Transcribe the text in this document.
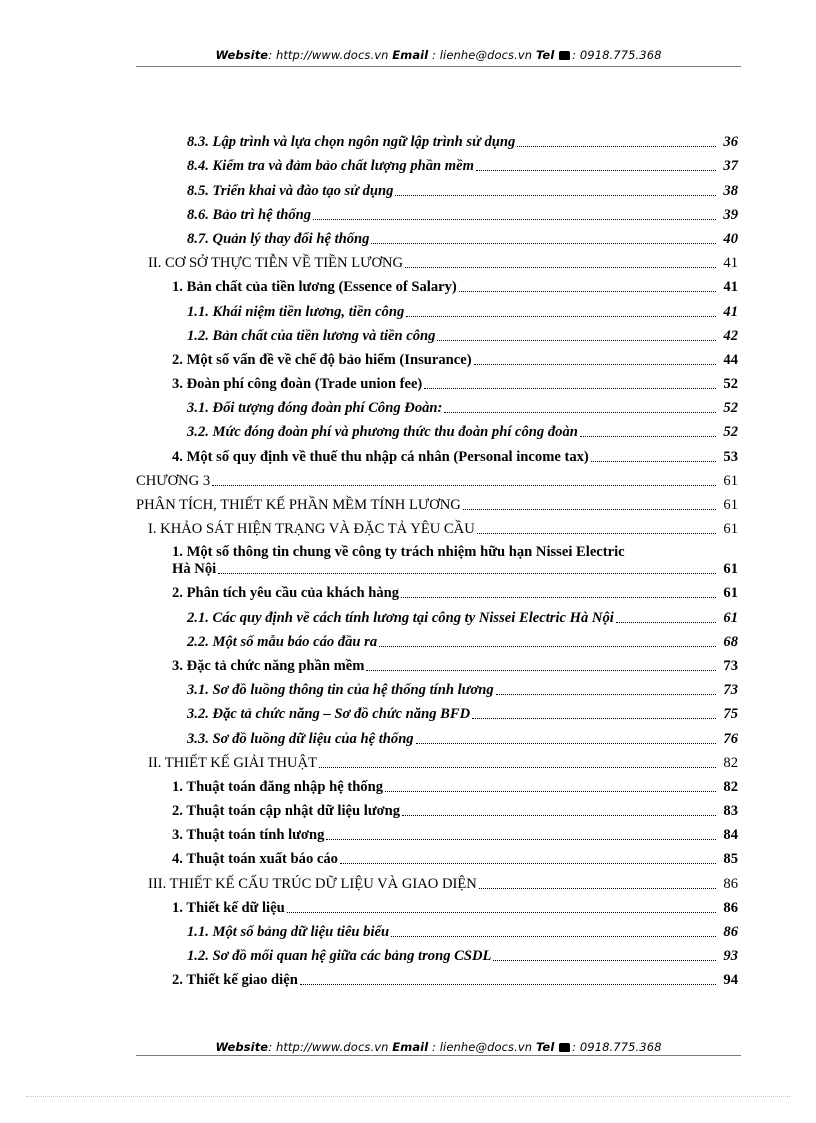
Website: http://www.docs.vn Email : lienhe@docs.vn Tel : 0918.775.368
8.3. Lập trình và lựa chọn ngôn ngữ lập trình sử dụng	36
8.4. Kiểm tra và đảm bảo chất lượng phần mềm	37
8.5. Triển khai và đào tạo sử dụng	38
8.6. Bảo trì hệ thống	39
8.7. Quản lý thay đổi hệ thống	40
II. CƠ SỞ THỰC TIỄN VỀ TIỀN LƯƠNG	41
1. Bản chất của tiền lương (Essence of Salary)	41
1.1. Khái niệm tiền lương, tiền công	41
1.2. Bản chất của tiền lương và tiền công	42
2. Một số vấn đề về chế độ bảo hiểm (Insurance)	44
3. Đoàn phí công đoàn (Trade union fee)	52
3.1. Đối tượng đóng đoàn phí Công Đoàn:	52
3.2. Mức đóng đoàn phí và phương thức thu đoàn phí công đoàn	52
4. Một số quy định về thuế thu nhập cá nhân (Personal income tax)	53
CHƯƠNG 3	61
PHÂN TÍCH, THIẾT KẾ PHẦN MỀM TÍNH LƯƠNG	61
I. KHẢO SÁT HIỆN TRẠNG VÀ ĐẶC TẢ YÊU CẦU	61
1. Một số thông tin chung về công ty trách nhiệm hữu hạn Nissei Electric
Hà Nội	61
2. Phân tích yêu cầu của khách hàng	61
2.1. Các quy định về cách tính lương tại công ty Nissei Electric Hà Nội	61
2.2. Một số mẫu báo cáo đầu ra	68
3. Đặc tả chức năng phần mềm	73
3.1. Sơ đồ luồng thông tin của hệ thống tính lương	73
3.2. Đặc tả chức năng – Sơ đồ chức năng BFD	75
3.3. Sơ đồ luồng dữ liệu của hệ thống	76
II. THIẾT KẾ GIẢI THUẬT	82
1. Thuật toán đăng nhập hệ thống	82
2. Thuật toán cập nhật dữ liệu lương	83
3. Thuật toán tính lương	84
4. Thuật toán xuất báo cáo	85
III. THIẾT KẾ CẤU TRÚC DỮ LIỆU VÀ GIAO DIỆN	86
1. Thiết kế dữ liệu	86
1.1. Một số bảng dữ liệu tiêu biểu	86
1.2. Sơ đồ mối quan hệ giữa các bảng trong CSDL	93
2. Thiết kế giao diện	94
Website: http://www.docs.vn Email : lienhe@docs.vn Tel : 0918.775.368
